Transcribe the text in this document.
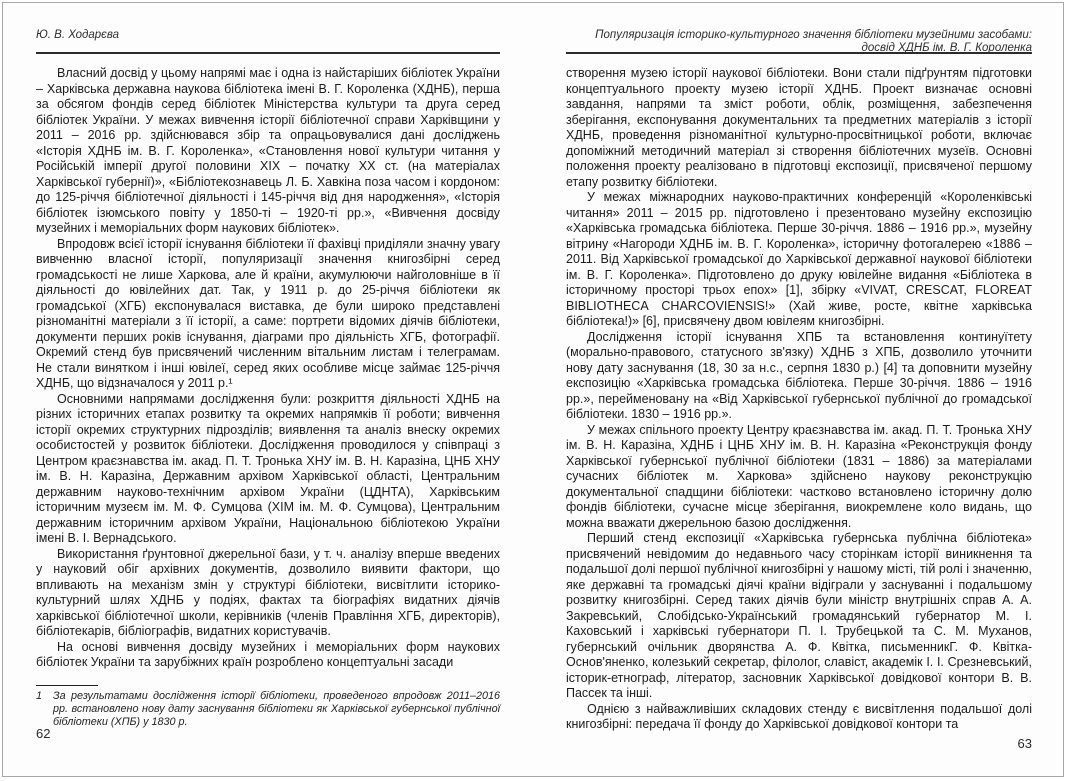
Ю. В. Ходарєва

Власний досвід у цьому напрямі має і одна із найстаріших бібліотек України – Харківська державна наукова бібліотека імені В. Г. Короленка (ХДНБ), перша за обсягом фондів серед бібліотек Міністерства культури та друга серед бібліотек України. У межах вивчення історії бібліотечної справи Харківщини у 2011 – 2016 рр. здійснювався збір та опрацьовувалися дані досліджень «Історія ХДНБ ім. В. Г. Короленка», «Становлення нової культури читання у Російській імперії другої половини XIX – початку XX ст. (на матеріалах Харківської губернії)», «Бібліотекознавець Л. Б. Хавкіна поза часом і кордоном: до 125-річчя бібліотечної діяльності і 145-річчя від дня народження», «Історія бібліотек ізюмського повіту у 1850-ті – 1920-ті рр.», «Вивчення досвіду музейних і меморіальних форм наукових бібліотек».

Впродовж всієї історії існування бібліотеки її фахівці приділяли значну увагу вивченню власної історії, популяризації значення книгозбірні серед громадськості не лише Харкова, але й країни, акумулюючи найголовніше в її діяльності до ювілейних дат. Так, у 1911 р. до 25-річчя бібліотеки як громадської (ХГБ) експонувалася виставка, де були широко представлені різноманітні матеріали з її історії, а саме: портрети відомих діячів бібліотеки, документи перших років існування, діаграми про діяльність ХГБ, фотографії. Окремий стенд був присвячений численним вітальним листам і телеграмам. Не стали винятком і інші ювілеї, серед яких особливе місце займає 125-річчя ХДНБ, що відзначалося у 2011 р.¹

Основними напрямами дослідження були: розкриття діяльності ХДНБ на різних історичних етапах розвитку та окремих напрямків її роботи; вивчення історії окремих структурних підрозділів; виявлення та аналіз внеску окремих особистостей у розвиток бібліотеки. Дослідження проводилося у співпраці з Центром краєзнавства ім. акад. П. Т. Тронька ХНУ ім. В. Н. Каразіна, ЦНБ ХНУ ім. В. Н. Каразіна, Державним архівом Харківської області, Центральним державним науково-технічним архівом України (ЦДНТА), Харківським історичним музеєм ім. М. Ф. Сумцова (ХІМ ім. М. Ф. Сумцова), Центральним державним історичним архівом України, Національною бібліотекою України імені В. І. Вернадського.

Використання ґрунтовної джерельної бази, у т. ч. аналізу вперше введених у науковий обіг архівних документів, дозволило виявити фактори, що впливають на механізм змін у структурі бібліотеки, висвітлити історико-культурний шлях ХДНБ у подіях, фактах та біографіях видатних діячів харківської бібліотечної школи, керівників (членів Правління ХГБ, директорів), бібліотекарів, бібліографів, видатних користувачів.

На основі вивчення досвіду музейних і меморіальних форм наукових бібліотек України та зарубіжних країн розроблено концептуальні засади

1	За результатами дослідження історії бібліотеки, проведеного впродовж 2011–2016 рр. встановлено нову дату заснування бібліотеки як Харківської губернської публічної бібліотеки (ХПБ) у 1830 р.
62
Популяризація історико-культурного значення бібліотеки музейними засобами:
досвід ХДНБ ім. В. Г. Короленка

створення музею історії наукової бібліотеки. Вони стали підґрунтям підготовки концептуального проекту музею історії ХДНБ. Проект визначає основні завдання, напрями та зміст роботи, облік, розміщення, забезпечення зберігання, експонування документальних та предметних матеріалів з історії ХДНБ, проведення різноманітної культурно-просвітницької роботи, включає допоміжний методичний матеріал зі створення бібліотечних музеїв. Основні положення проекту реалізовано в підготовці експозиції, присвяченої першому етапу розвитку бібліотеки.

У межах міжнародних науково-практичних конференцій «Короленківські читання» 2011 – 2015 рр. підготовлено і презентовано музейну експозицію «Харківська громадська бібліотека. Перше 30-річчя. 1886 – 1916 рр.», музейну вітрину «Нагороди ХДНБ ім. В. Г. Короленка», історичну фотогалерею «1886 – 2011. Від Харківської громадської до Харківської державної наукової бібліотеки ім. В. Г. Короленка». Підготовлено до друку ювілейне видання «Бібліотека в історичному просторі трьох епох» [1], збірку «VIVAT, CRESCAT, FLOREAT BIBLIOTHECA CHARCOVIENSIS!» (Хай живе, росте, квітне харківська бібліотека!)» [6], присвячену двом ювілеям книгозбірні.

Дослідження історії існування ХПБ та встановлення континуїтету (морально-правового, статусного зв'язку) ХДНБ з ХПБ, дозволило уточнити нову дату заснування (18, 30 за н.с., серпня 1830 р.) [4] та доповнити музейну експозицію «Харківська громадська бібліотека. Перше 30-річчя. 1886 – 1916 рр.», перейменовану на «Від Харківської губернської публічної до громадської бібліотеки. 1830 – 1916 рр.».

У межах спільного проекту Центру краєзнавства ім. акад. П. Т. Тронька ХНУ ім. В. Н. Каразіна, ХДНБ і ЦНБ ХНУ ім. В. Н. Каразіна «Реконструкція фонду Харківської губернської публічної бібліотеки (1831 – 1886) за матеріалами сучасних бібліотек м. Харкова» здійснено наукову реконструкцію документальної спадщини бібліотеки: частково встановлено історичну долю фондів бібліотеки, сучасне місце зберігання, виокремлене коло видань, що можна вважати джерельною базою дослідження.

Перший стенд експозиції «Харківська губернська публічна бібліотека» присвячений невідомим до недавнього часу сторінкам історії виникнення та подальшої долі першої публічної книгозбірні у нашому місті, тій ролі і значенню, яке державні та громадські діячі країни відіграли у заснуванні і подальшому розвитку книгозбірні. Серед таких діячів були міністр внутрішніх справ А. А. Закревський, Слобідсько-Український громадянський губернатор М. І. Каховський і харківські губернатори П. І. Трубецькой та С. М. Муханов, губернський очільник дворянства А. Ф. Квітка, письменникГ. Ф. Квітка-Основ'яненко, колезький секретар, філолог, славіст, академік І. І. Срезневський, історик-етнограф, літератор, засновник Харківської довідкової контори В. В. Пассек та інші.

Однією з найважливіших складових стенду є висвітлення подальшої долі книгозбірні: передача її фонду до Харківської довідкової контори та

63
